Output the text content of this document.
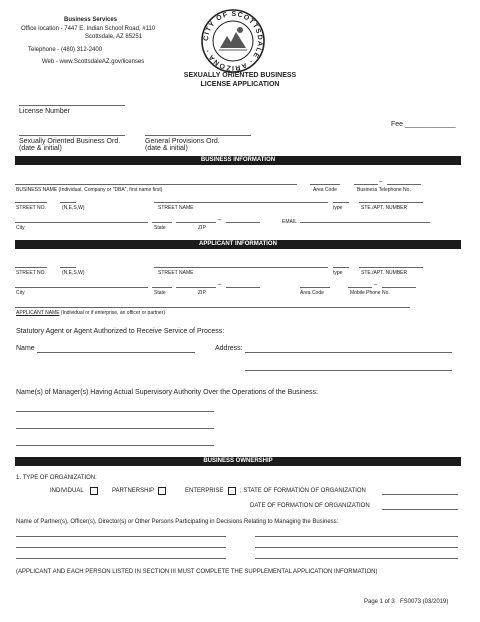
Business Services
Office location - 7447 E. Indian School Road, #110
Scottsdale, AZ 85251
Telephone - (480) 312-2400
Web - www.ScottsdaleAZ.gov/licenses
CITY OF SCOTTSDALE · ARIZONA ·
SEXUALLY ORIENTED BUSINESS
LICENSE APPLICATION
License Number
Fee _____________
Sexually Oriented Business Ord.
(date & initial)
General Provisions Ord.
(date & initial)
BUSINESS INFORMATION
–
BUSINESS NAME (Individual, Company or "DBA", first name first)	Area Code	Business Telephone No.
STREET NO.	(N,E,S,W)	STREET NAME	type	STE./APT. NUMBER
–	EMAIL :
City	State	ZIP
APPLICANT INFORMATION
STREET NO.	(N,E,S,W)	STREET NAME	type	STE./APT. NUMBER
–	–
City	State	ZIP	Area Code	Mobile Phone No.
APPLICANT NAME (Individual or if enterprise, an officer or partner)
Statutory Agent or Agent Authorized to Receive Service of Process:
Name	Address:
Name(s) of Manager(s) Having Actual Supervisory Authority Over the Operations of the Business:
BUSINESS OWNERSHIP
1. TYPE OF ORGANIZATION:
INDIVIDUAL	PARTNERSHIP	ENTERPRISE	; STATE OF FORMATION OF ORGANIZATION
DATE OF FORMATION OF ORGANIZATION
Name of Partner(s), Officer(s), Director(s) or Other Persons Participating in Decisions Relating to Managing the Business:
(APPLICANT AND EACH PERSON LISTED IN SECTION III MUST COMPLETE THE SUPPLEMENTAL APPLICATION INFORMATION)
Page 1 of 3 FS0073 (03/2019)
